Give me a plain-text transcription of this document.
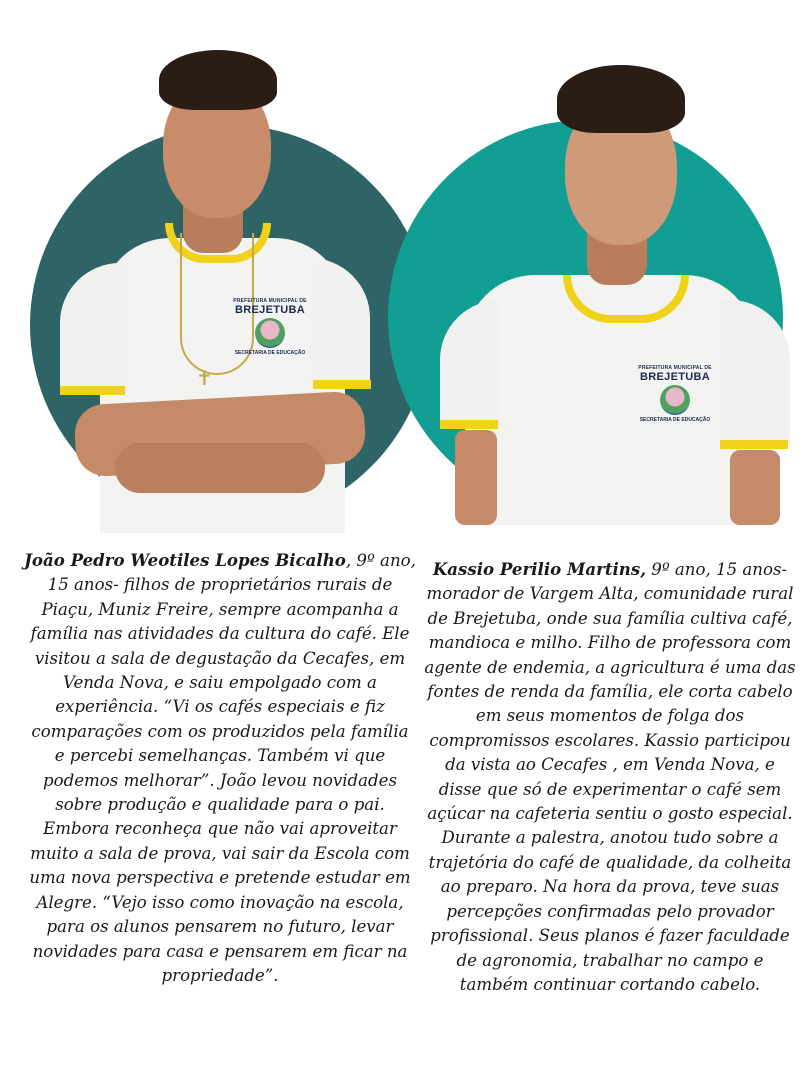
✝
PREFEITURA MUNICIPAL DE
BREJETUBA
SECRETARIA DE EDUCAÇÃO
PREFEITURA MUNICIPAL DE
BREJETUBA
SECRETARIA DE EDUCAÇÃO

João Pedro Weotiles Lopes Bicalho, 9º ano, 15 anos- filhos de proprietários rurais de Piaçu, Muniz Freire, sempre acompanha a família nas atividades da cultura do café. Ele visitou a sala de degustação da Cecafes, em Venda Nova, e saiu empolgado com a experiência. “Vi os cafés especiais e fiz comparações com os produzidos pela família e percebi semelhanças. Também vi que podemos melhorar”. João levou novidades sobre produção e qualidade para o pai. Embora reconheça que não vai aproveitar muito a sala de prova, vai sair da Escola com uma nova perspectiva e pretende estudar em Alegre. “Vejo isso como inovação na escola, para os alunos pensarem no futuro, levar novidades para casa e pensarem em ficar na propriedade”.

Kassio Perilio Martins, 9º ano, 15 anos- morador de Vargem Alta, comunidade rural de Brejetuba, onde sua família cultiva café, mandioca e milho. Filho de professora com agente de endemia, a agricultura é uma das fontes de renda da família, ele corta cabelo em seus momentos de folga dos compromissos escolares. Kassio participou da vista ao Cecafes , em Venda Nova, e disse que só de experimentar o café sem açúcar na cafeteria sentiu o gosto especial. Durante a palestra, anotou tudo sobre a trajetória do café de qualidade, da colheita ao preparo. Na hora da prova, teve suas percepções confirmadas pelo provador profissional. Seus planos é fazer faculdade de agronomia, trabalhar no campo e também continuar cortando cabelo.
